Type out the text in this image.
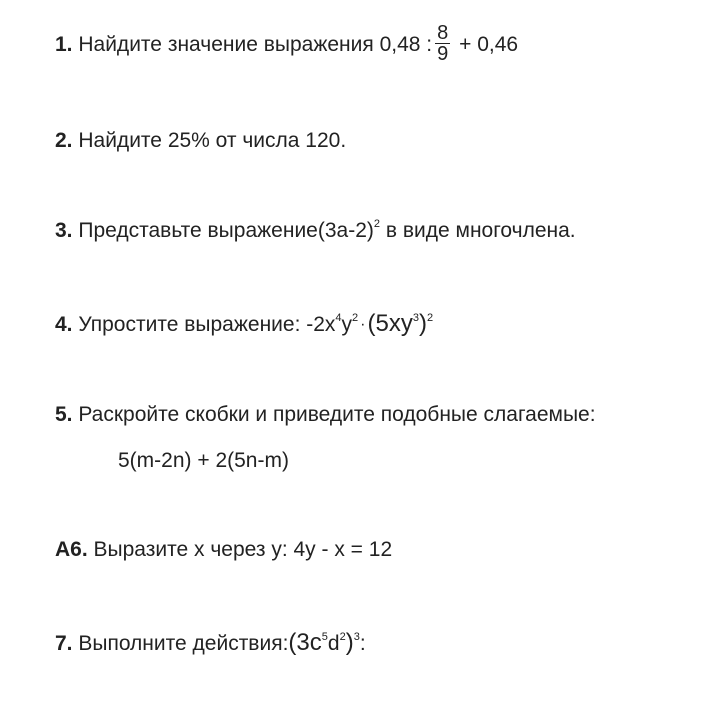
1. Найдите значение выражения 0,48 : $\frac{8}{9} + 0,46$
2. Найдите 25% от числа 120.
3. Представьте $выражение(3a-2)^2$ в виде многочлена.
4. Упростите выражение: $-2x^4y^2 \cdot(5xy^3)^2$
5. Раскройте скобки и приведите подобные слагаемые:
5(m-2n) + 2(5n-m)
А6. Выразите x через y: 4y - x = 12
7. Выполните $действия:(3c^5d^2)^3$:
